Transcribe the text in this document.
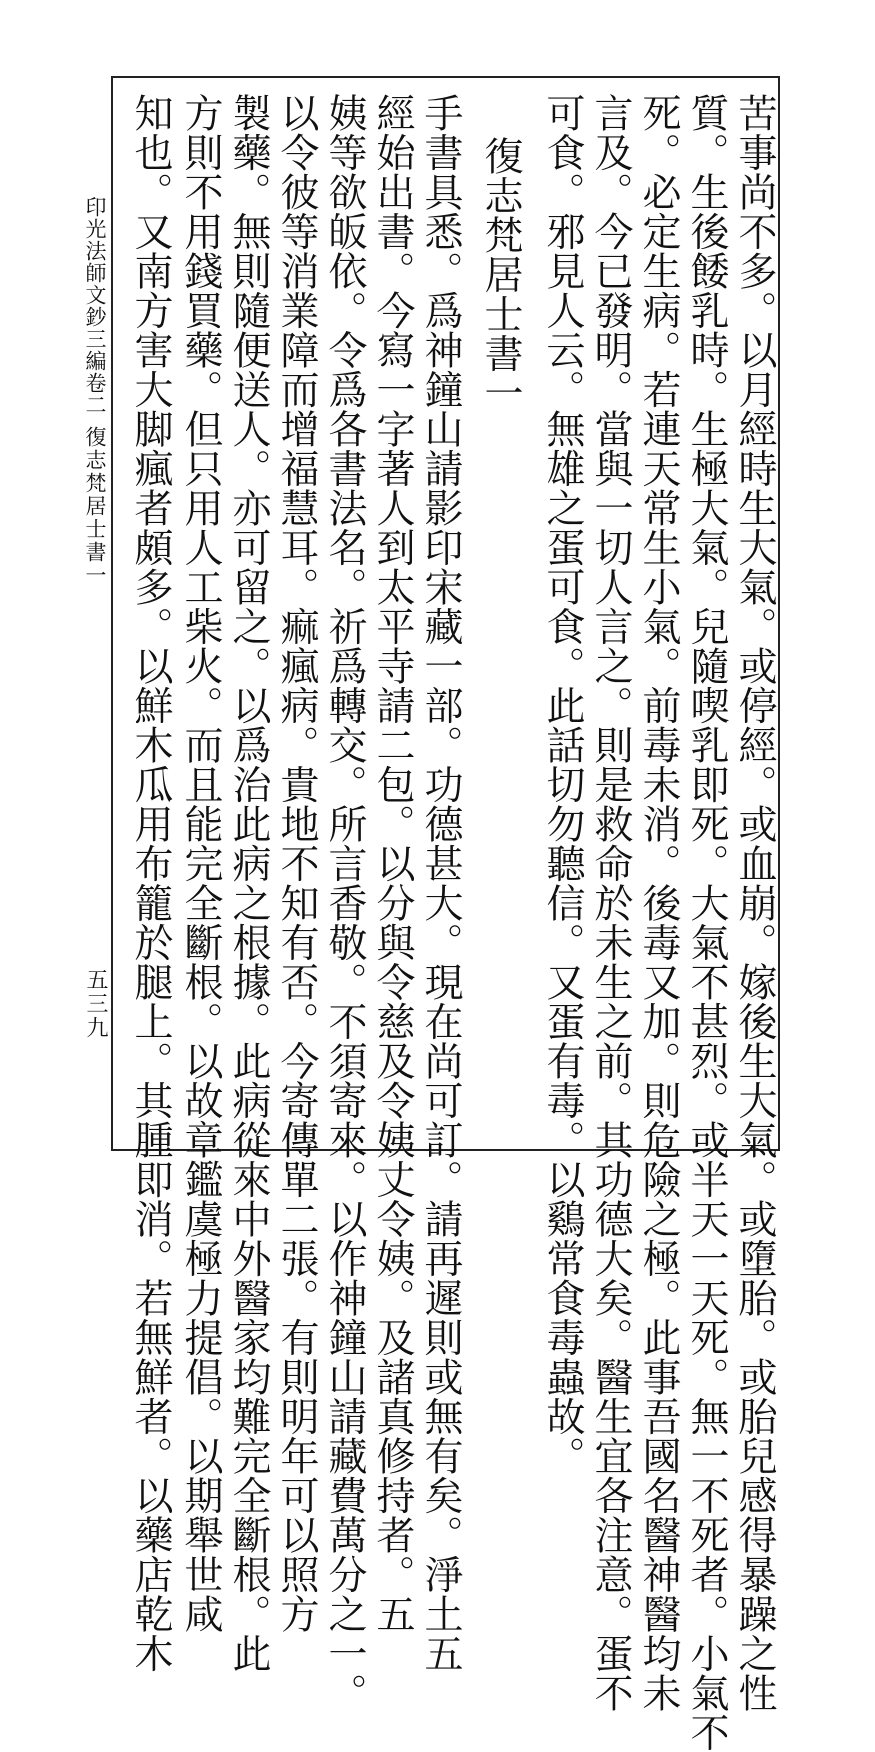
印光法師文鈔三編卷二
復志梵居士書一
五三九	苦事尚不多。以月經時生大氣。或停經。或血崩。嫁後生大氣。或墮胎。或胎兒感得暴躁之性
質。生後餧乳時。生極大氣。兒隨喫乳即死。大氣不甚烈。或半天一天死。無一不死者。小氣不
死。必定生病。若連天常生小氣。前毒未消。後毒又加。則危險之極。此事吾國名醫神醫均未
言及。今已發明。當與一切人言之。則是救命於未生之前。其功德大矣。醫生宜各注意。蛋不
可食。邪見人云。無雄之蛋可食。此話切勿聽信。又蛋有毒。以鷄常食毒蟲故。
復志梵居士書一
手書具悉。爲神鐘山請影印宋藏一部。功德甚大。現在尚可訂。請再遲則或無有矣。淨土五
經始出書。今寫一字著人到太平寺請二包。以分與令慈及令姨丈令姨。及諸真修持者。五
姨等欲皈依。令爲各書法名。祈爲轉交。所言香敬。不須寄來。以作神鐘山請藏費萬分之一。
以令彼等消業障而增福慧耳。痲瘋病。貴地不知有否。今寄傳單二張。有則明年可以照方
製藥。無則隨便送人。亦可留之。以爲治此病之根據。此病從來中外醫家均難完全斷根。此
方則不用錢買藥。但只用人工柴火。而且能完全斷根。以故章鑑虞極力提倡。以期舉世咸
知也。又南方害大脚瘋者頗多。以鮮木瓜用布籠於腿上。其腫即消。若無鮮者。以藥店乾木
